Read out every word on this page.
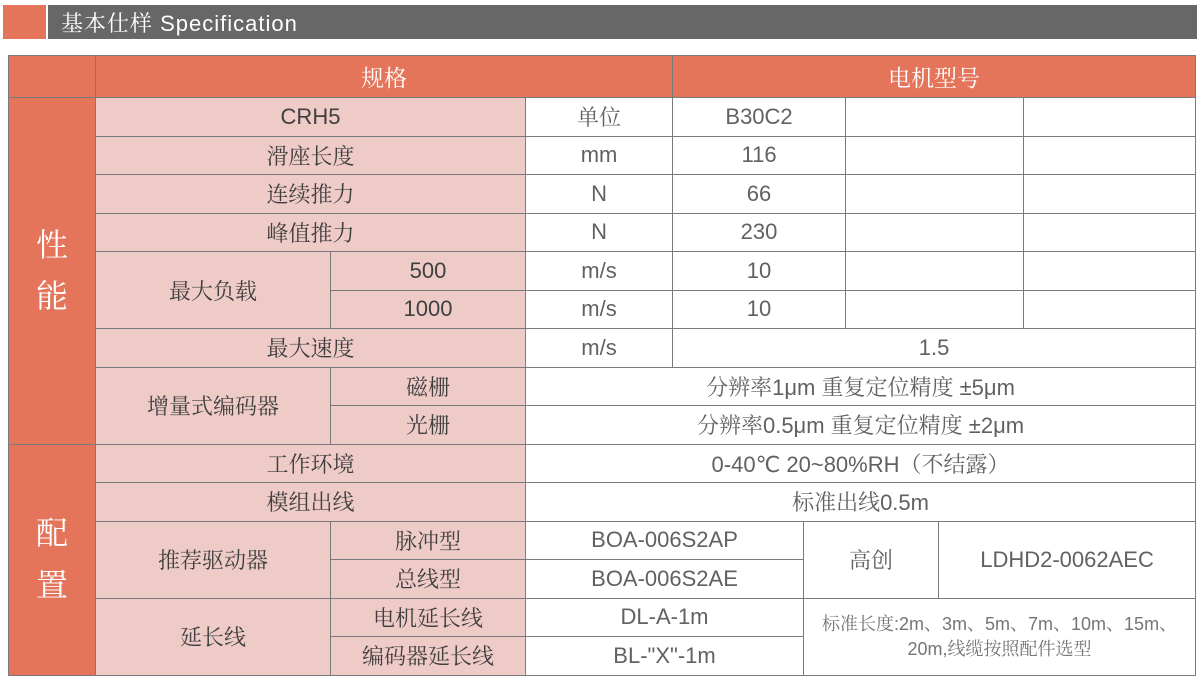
基本仕样 Specification
	规格			电机型号				

性能	CRH5		单位	B30C2				
	滑座长度		mm	116				
	连续推力		N	66				
	峰值推力		N	230				
	最大负载	500	m/s	10				
		1000	m/s	10				
	最大速度		m/s	1.5				
	增量式编码器	磁栅	分辨率1μm 重复定位精度 ±5μm					
		光栅	分辨率0.5μm 重复定位精度 ±2μm					

配置	工作环境		0-40℃ 20~80%RH（不结露）					
	模组出线		标准出线0.5m					
	推荐驱动器	脉冲型	BOA-006S2AP		高创		LDHD2-0062AEC	
		总线型	BOA-006S2AE					
	延长线	电机延长线	DL-A-1m		标准长度:2m、3m、5m、7m、10m、15m、20m,线缆按照配件选型			
		编码器延长线	BL-"X"-1m					
